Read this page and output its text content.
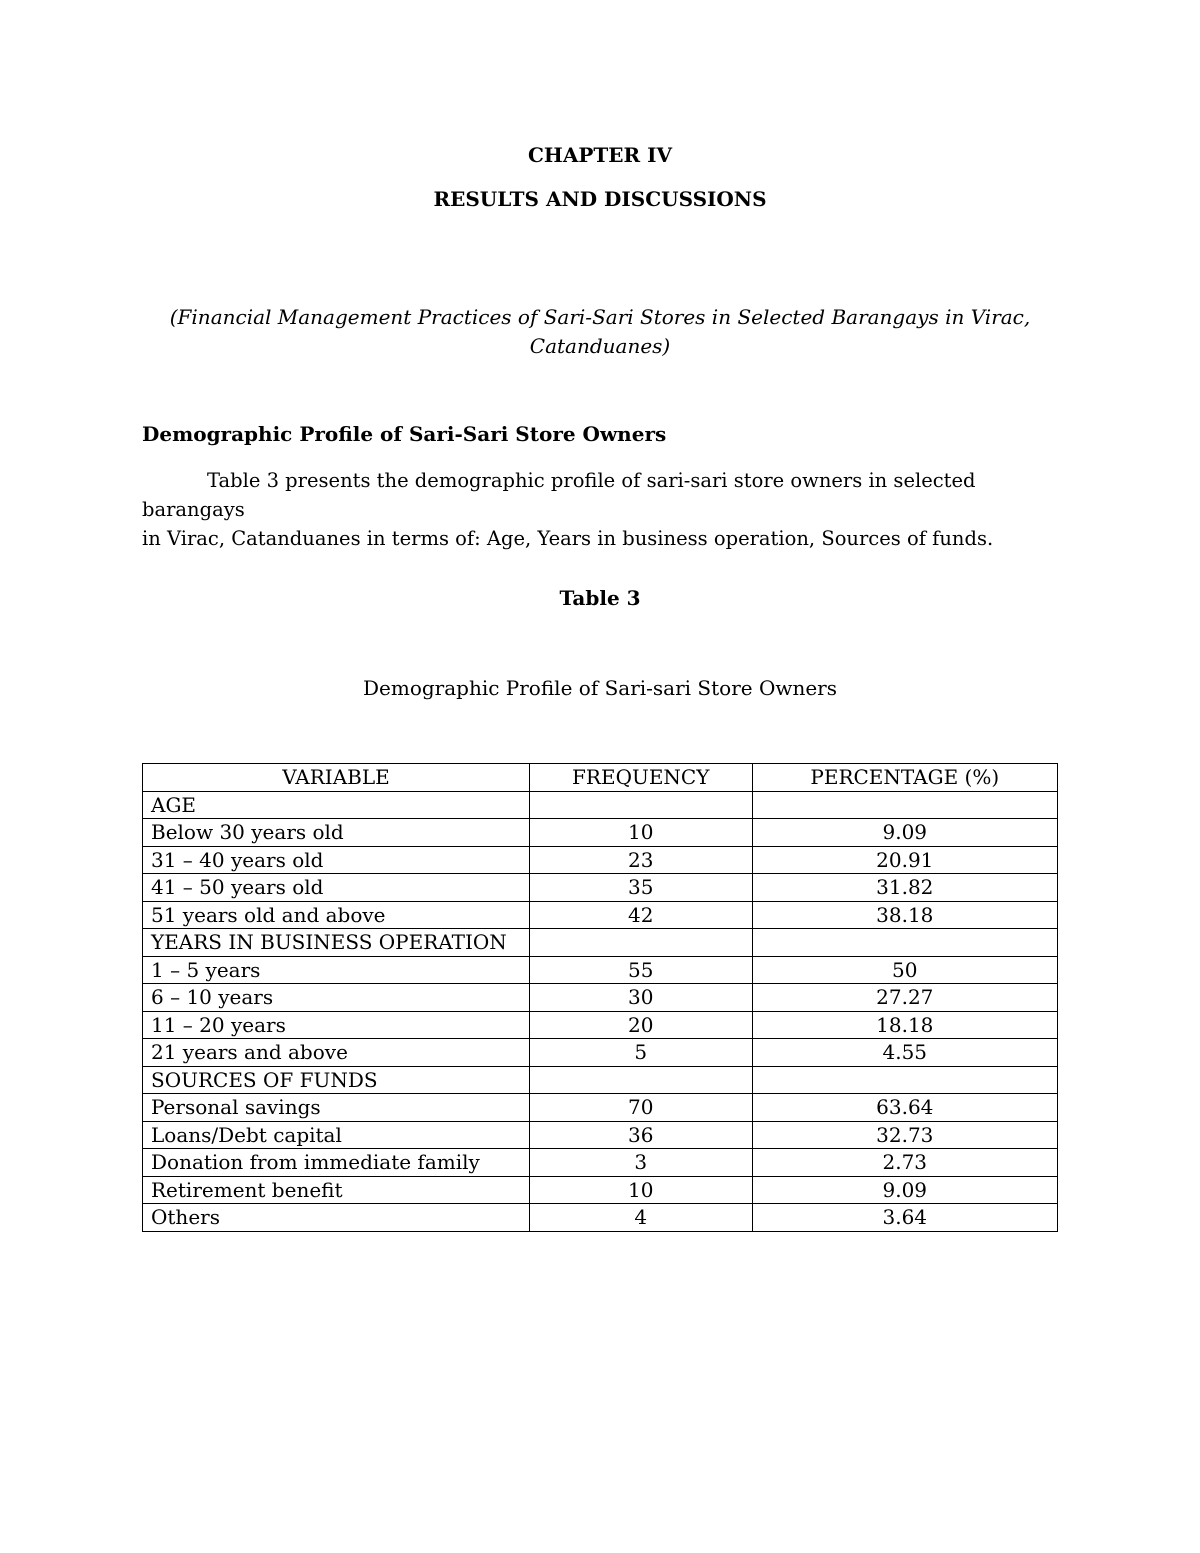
CHAPTER IV
RESULTS AND DISCUSSIONS
(Financial Management Practices of Sari-Sari Stores in Selected Barangays in Virac,
Catanduanes)
Demographic Profile of Sari-Sari Store Owners
Table 3 presents the demographic profile of sari-sari store owners in selected barangays
in Virac, Catanduanes in terms of: Age, Years in business operation, Sources of funds.
Table 3
Demographic Profile of Sari-sari Store Owners
VARIABLE	FREQUENCY	PERCENTAGE (%)
AGE		
Below 30 years old	10	9.09
31 – 40 years old	23	20.91
41 – 50 years old	35	31.82
51 years old and above	42	38.18
YEARS IN BUSINESS OPERATION		
1 – 5 years	55	50
6 – 10 years	30	27.27
11 – 20 years	20	18.18
21 years and above	5	4.55
SOURCES OF FUNDS		
Personal savings	70	63.64
Loans/Debt capital	36	32.73
Donation from immediate family	3	2.73
Retirement benefit	10	9.09
Others	4	3.64
